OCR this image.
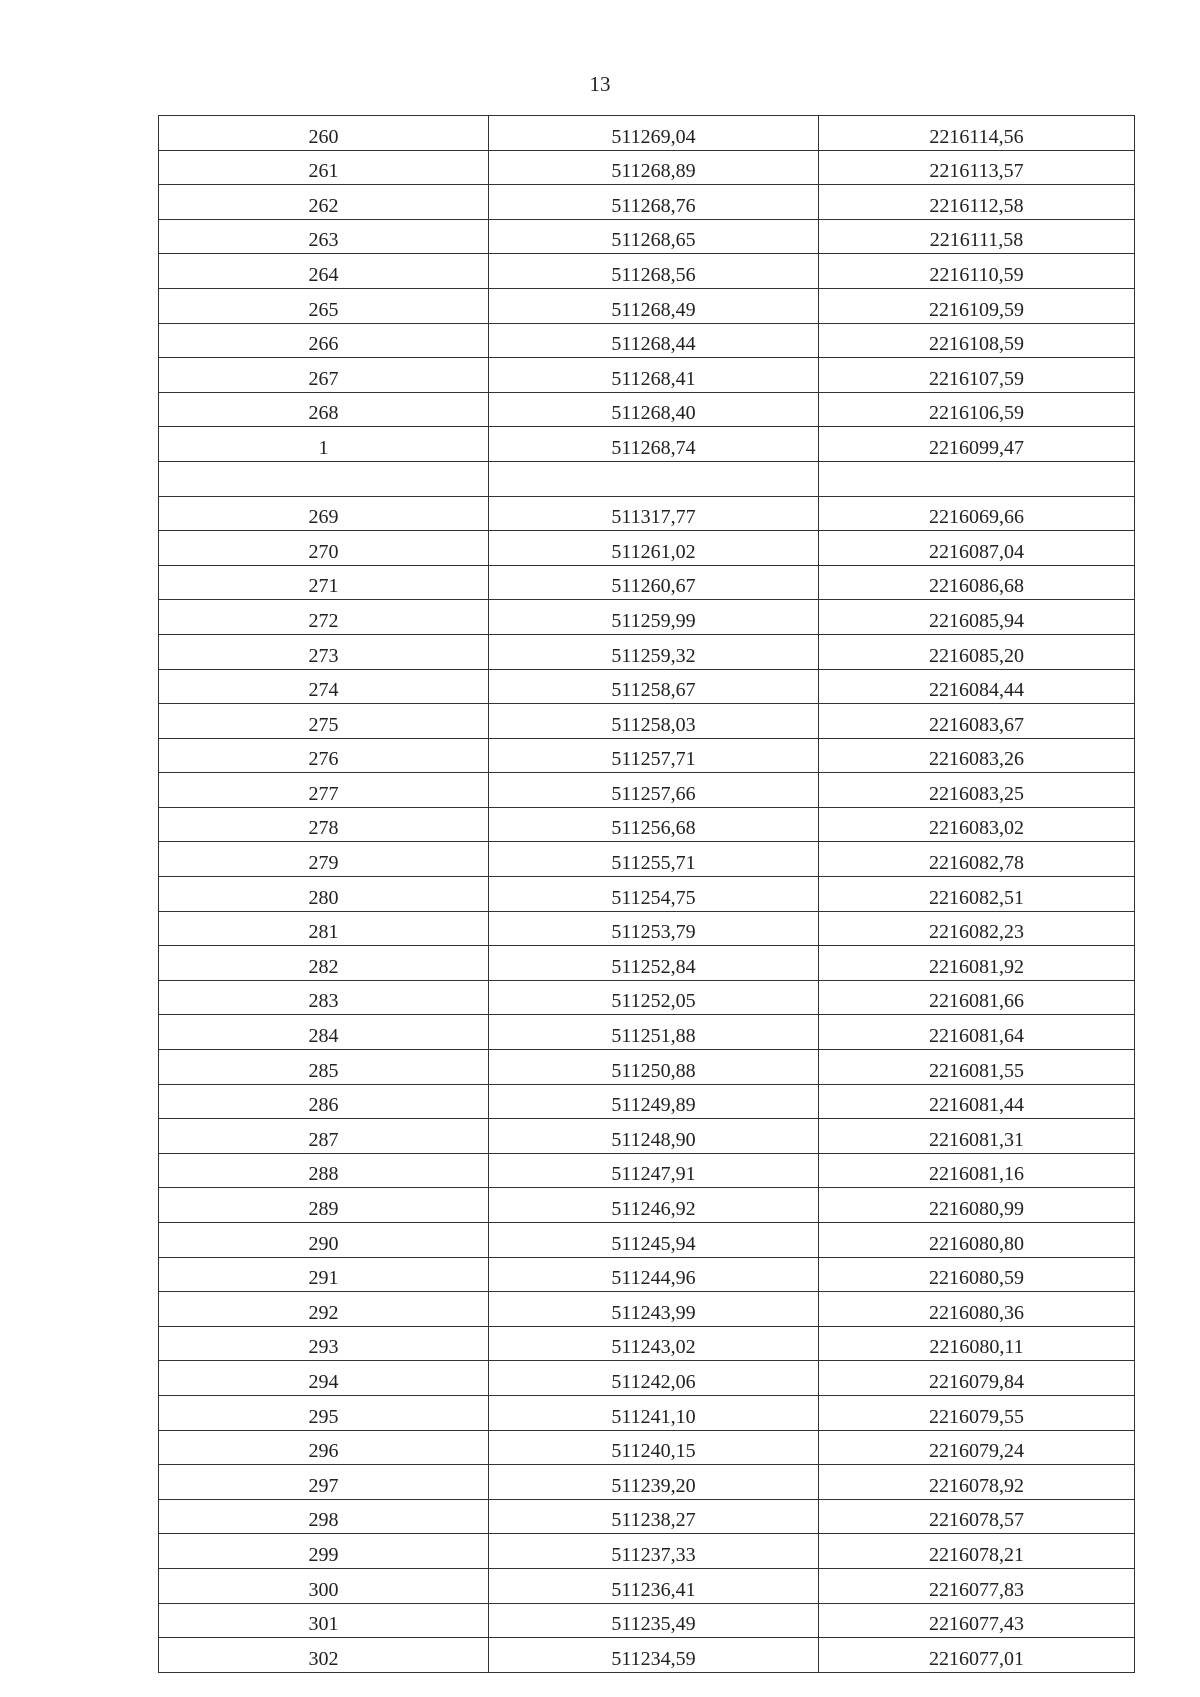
13
260	511269,04	2216114,56
261	511268,89	2216113,57
262	511268,76	2216112,58
263	511268,65	2216111,58
264	511268,56	2216110,59
265	511268,49	2216109,59
266	511268,44	2216108,59
267	511268,41	2216107,59
268	511268,40	2216106,59
1	511268,74	2216099,47

269	511317,77	2216069,66
270	511261,02	2216087,04
271	511260,67	2216086,68
272	511259,99	2216085,94
273	511259,32	2216085,20
274	511258,67	2216084,44
275	511258,03	2216083,67
276	511257,71	2216083,26
277	511257,66	2216083,25
278	511256,68	2216083,02
279	511255,71	2216082,78
280	511254,75	2216082,51
281	511253,79	2216082,23
282	511252,84	2216081,92
283	511252,05	2216081,66
284	511251,88	2216081,64
285	511250,88	2216081,55
286	511249,89	2216081,44
287	511248,90	2216081,31
288	511247,91	2216081,16
289	511246,92	2216080,99
290	511245,94	2216080,80
291	511244,96	2216080,59
292	511243,99	2216080,36
293	511243,02	2216080,11
294	511242,06	2216079,84
295	511241,10	2216079,55
296	511240,15	2216079,24
297	511239,20	2216078,92
298	511238,27	2216078,57
299	511237,33	2216078,21
300	511236,41	2216077,83
301	511235,49	2216077,43
302	511234,59	2216077,01
